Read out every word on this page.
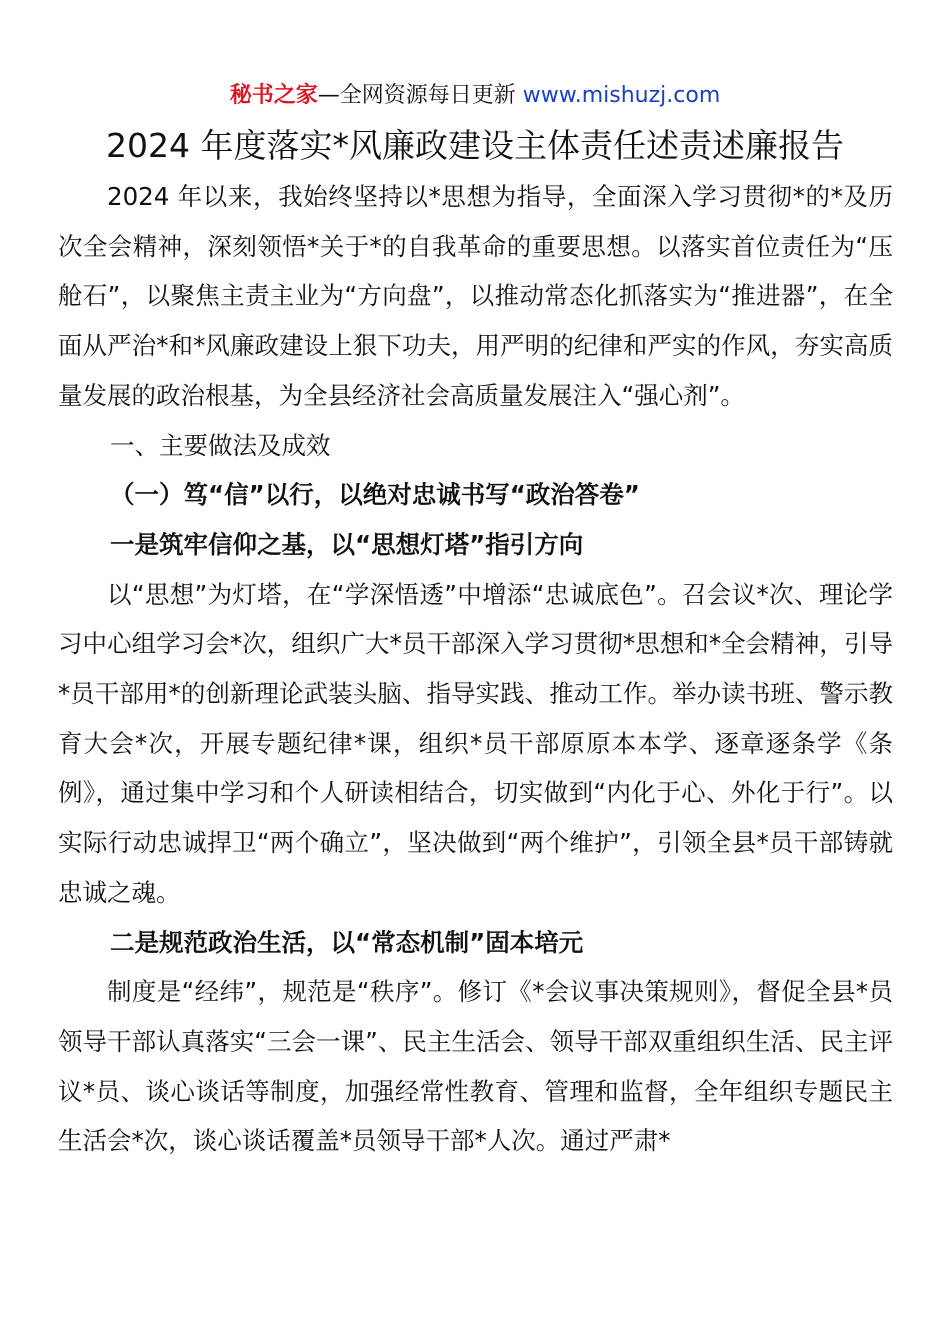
秘书之家—全网资源每日更新 www.mishuzj.com
2024 年度落实*风廉政建设主体责任述责述廉报告

2024 年以来，我始终坚持以*思想为指导，全面深入学习贯彻*的*及历次全会精神，深刻领悟*关于*的自我革命的重要思想。以落实首位责任为“压舱石”，以聚焦主责主业为“方向盘”，以推动常态化抓落实为“推进器”，在全面从严治*和*风廉政建设上狠下功夫，用严明的纪律和严实的作风，夯实高质量发展的政治根基，为全县经济社会高质量发展注入“强心剂”。

一、主要做法及成效

（一）笃“信”以行，以绝对忠诚书写“政治答卷”

一是筑牢信仰之基，以“思想灯塔”指引方向

以“思想”为灯塔，在“学深悟透”中增添“忠诚底色”。召会议*次、理论学习中心组学习会*次，组织广大*员干部深入学习贯彻*思想和*全会精神，引导*员干部用*的创新理论武装头脑、指导实践、推动工作。举办读书班、警示教育大会*次，开展专题纪律*课，组织*员干部原原本本学、逐章逐条学《条例》，通过集中学习和个人研读相结合，切实做到“内化于心、外化于行”。以实际行动忠诚捍卫“两个确立”，坚决做到“两个维护”，引领全县*员干部铸就忠诚之魂。

二是规范政治生活，以“常态机制”固本培元

制度是“经纬”，规范是“秩序”。修订《*会议事决策规则》，督促全县*员领导干部认真落实“三会一课”、民主生活会、领导干部双重组织生活、民主评议*员、谈心谈话等制度，加强经常性教育、管理和监督，全年组织专题民主生活会*次，谈心谈话覆盖*员领导干部*人次。通过严肃*
